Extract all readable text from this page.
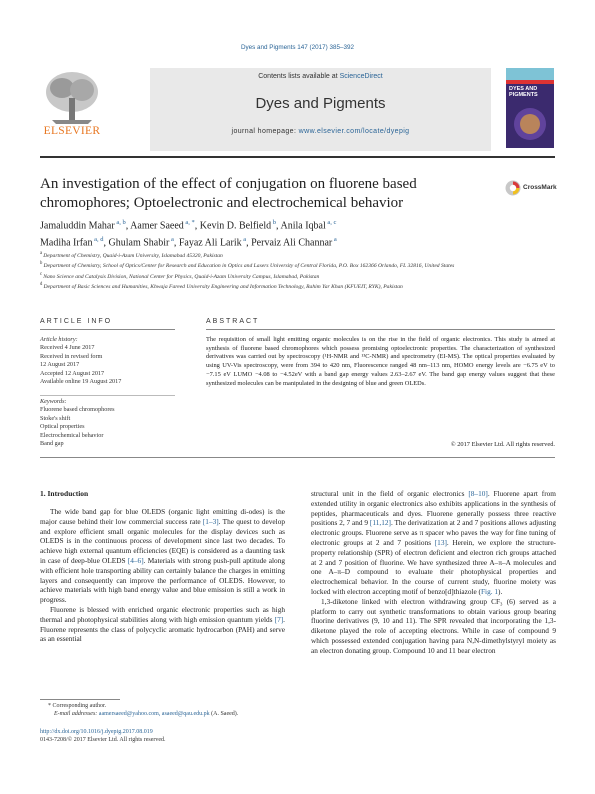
Dyes and Pigments 147 (2017) 385–392
ELSEVIER
Contents lists available at ScienceDirect
Dyes and Pigments
journal homepage: www.elsevier.com/locate/dyepig
DYES AND PIGMENTS
An investigation of the effect of conjugation on fluorene based chromophores; Optoelectronic and electrochemical behavior
CrossMark
Jamaluddin Mahar $^{a, b}$, Aamer Saeed $^{a, *}$, Kevin D. Belfield $^b$, Anila Iqbal $^{a, c}$
Madiha Irfan $^{a, d}$, Ghulam Shabir $^a$, Fayaz Ali Larik $^a$, Pervaiz Ali Channar $^a$
$^a$ Department of Chemistry, Quaid-i-Azam University, Islamabad 45320, Pakistan
$^b$ Department of Chemistry, School of Optics/Center for Research and Education in Optics and Lasers University of Central Florida, P.O. Box 162366 Orlando, FL 32816, United States
$^c$ Nano Science and Catalysis Division, National Center for Physics, Quaid-i-Azam University Campus, Islamabad, Pakistan
$^d$ Department of Basic Sciences and Humanities, Khwaja Fareed University Engineering and Information Technology, Rahim Yar Khan (KFUEIT, RYK), Pakistan
ARTICLE INFO	ABSTRACT
Article history:
Received 4 June 2017
Received in revised form
12 August 2017
Accepted 12 August 2017
Available online 19 August 2017
Keywords:
Fluorene based chromophores
Stoke's shift
Optical properties
Electrochemical behavior
Band gap
The requisition of small light emitting organic molecules is on the rise in the field of organic electronics. This study is aimed at synthesis of fluorene based chromophores which possess promising optoelectronic properties. The characterization of synthesized derivatives was carried out by spectroscopy (¹H-NMR and ¹³C-NMR) and spectrometry (EI-MS). The optical properties evaluated by using UV-Vis spectroscopy, were from 394 to 420 nm, Fluorescence ranged 48 nm–113 nm, HOMO energy levels are −6.75 eV to −7.15 eV LUMO −4.08 to −4.52eV with a band gap energy values 2.63–2.67 eV. The band gap energy values suggest that these synthesized molecules can be manipulated in the designing of blue and green OLEDs.
© 2017 Elsevier Ltd. All rights reserved.
1. Introduction

The wide band gap for blue OLEDS (organic light emitting di-odes) is the major cause behind their low commercial success rate [1–3]. The quest to develop and explore efficient small organic molecules for the display devices such as OLEDS is in the continuous process of development since last two decades. To achieve high external quantum efficiencies (EQE) is considered as a daunting task in case of deep-blue OLEDS [4–6]. Materials with strong push-pull aptitude along with efficient hole transporting ability can certainly balance the charges in emitting layers and consequently can improve the performance of OLEDS. However, to achieve materials with high band energy value and blue emission is still a work in progress.

Fluorene is blessed with enriched organic electronic properties such as high thermal and photophysical stabilities along with high emission quantum yields [7]. Fluorene represents the class of polycyclic aromatic hydrocarbon (PAH) and serve as an essential

structural unit in the field of organic electronics [8–10]. Fluorene apart from extended utility in organic electronics also exhibits applications in the synthesis of peptides, pharmaceuticals and dyes. Fluorene generally possess three reactive positions 2, 7 and 9 [11,12]. The derivatization at 2 and 7 positions allows adjusting electronic groups. Fluorene serve as π spacer who paves the way for fine tuning of electronic groups at 2 and 7 positions [13]. Herein, we explore the structure-property relationship (SPR) of electron deficient and electron rich groups attached at 2 and 7 position of fluorine. We have synthesized three A–π–A molecules and one A–π–D compound to evaluate their photophysical properties and electrochemical behavior. In the course of current study, fluorine moiety was locked with electron accepting motif of benzo[d]thiazole (Fig. 1).

1,3-diketone linked with electron withdrawing group CF₃ (6) served as a platform to carry out synthetic transformations to obtain various group bearing fluorine derivatives (9, 10 and 11). The SPR revealed that incorporating the 1,3-diketone played the role of accepting electrons. While in case of compound 9 which possessed extended conjugation having para N,N-dimethylstyryl moiety as an electron donating group. Compound 10 and 11 bear electron

* Corresponding author.
E-mail addresses: aamersaeed@yahoo.com, asaeed@qau.edu.pk (A. Saeed).
http://dx.doi.org/10.1016/j.dyepig.2017.08.019
0143-7208/© 2017 Elsevier Ltd. All rights reserved.
